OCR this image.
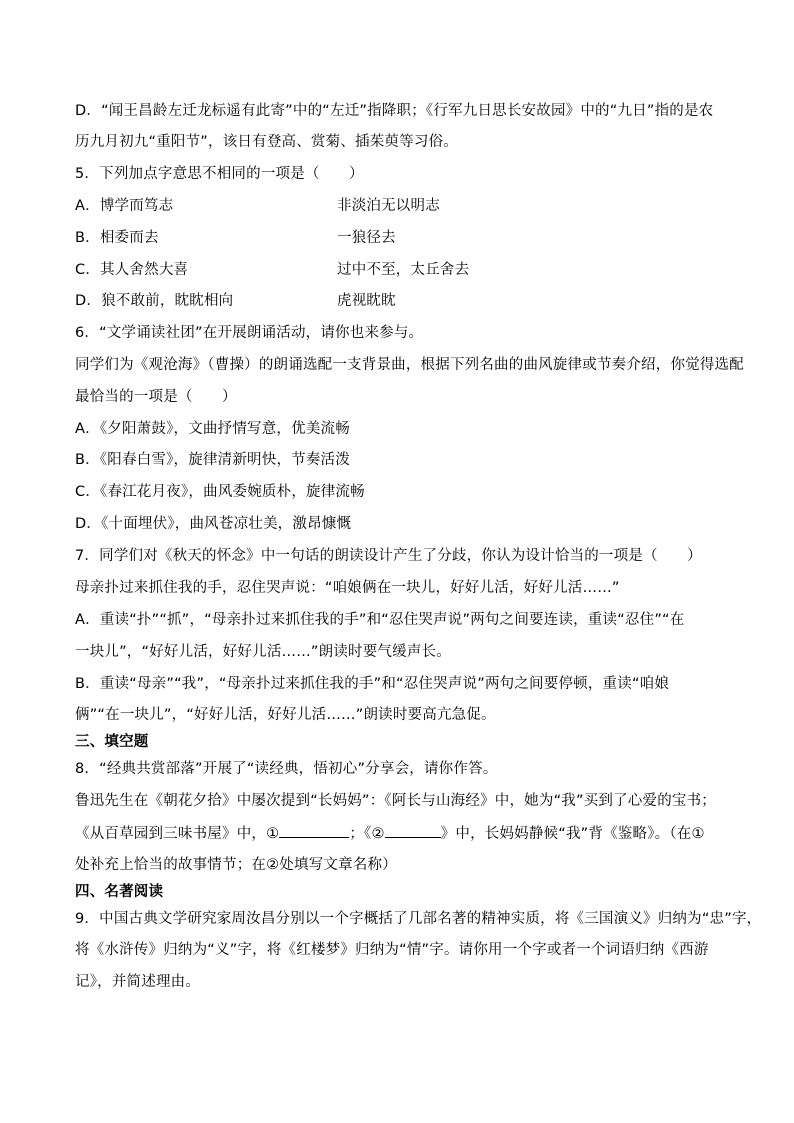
D．“闻王昌龄左迁龙标遥有此寄”中的“左迁”指降职；《行军九日思长安故园》中的“九日”指的是农
历九月初九“重阳节”，该日有登高、赏菊、插茱萸等习俗。
5．下列加点字意思不相同的一项是（　　）
A．博学而笃志	非淡泊无以明志
B．相委而去	一狼径去
C．其人舍然大喜	过中不至，太丘舍去
D．狼不敢前，眈眈相向	虎视眈眈
6．“文学诵读社团”在开展朗诵活动，请你也来参与。
同学们为《观沧海》（曹操）的朗诵选配一支背景曲，根据下列名曲的曲风旋律或节奏介绍，你觉得选配
最恰当的一项是（　　）
A．《夕阳萧鼓》，文曲抒情写意，优美流畅
B．《阳春白雪》，旋律清新明快，节奏活泼
C．《春江花月夜》，曲风委婉质朴，旋律流畅
D．《十面埋伏》，曲风苍凉壮美，激昂慷慨
7．同学们对《秋天的怀念》中一句话的朗读设计产生了分歧，你认为设计恰当的一项是（　　）
母亲扑过来抓住我的手，忍住哭声说：“咱娘俩在一块儿，好好儿活，好好儿活……”
A．重读“扑”“抓”，“母亲扑过来抓住我的手”和“忍住哭声说”两句之间要连读，重读“忍住”“在
一块儿”，“好好儿活，好好儿活……”朗读时要气缓声长。
B．重读“母亲”“我”，“母亲扑过来抓住我的手”和“忍住哭声说”两句之间要停顿，重读“咱娘
俩”“在一块儿”，“好好儿活，好好儿活……”朗读时要高亢急促。
三、填空题
8．“经典共赏部落”开展了“读经典，悟初心”分享会，请你作答。
鲁迅先生在《朝花夕拾》中屡次提到“长妈妈”：《阿长与山海经》中，她为“我”买到了心爱的宝书；
《从百草园到三味书屋》中，①	；《②	》中，长妈妈静候“我”背《鉴略》。（在①
处补充上恰当的故事情节；在②处填写文章名称）
四、名著阅读
9．中国古典文学研究家周汝昌分别以一个字概括了几部名著的精神实质，将《三国演义》归纳为“忠”字，
将《水浒传》归纳为“义”字，将《红楼梦》归纳为“情”字。请你用一个字或者一个词语归纳《西游
记》，并简述理由。
